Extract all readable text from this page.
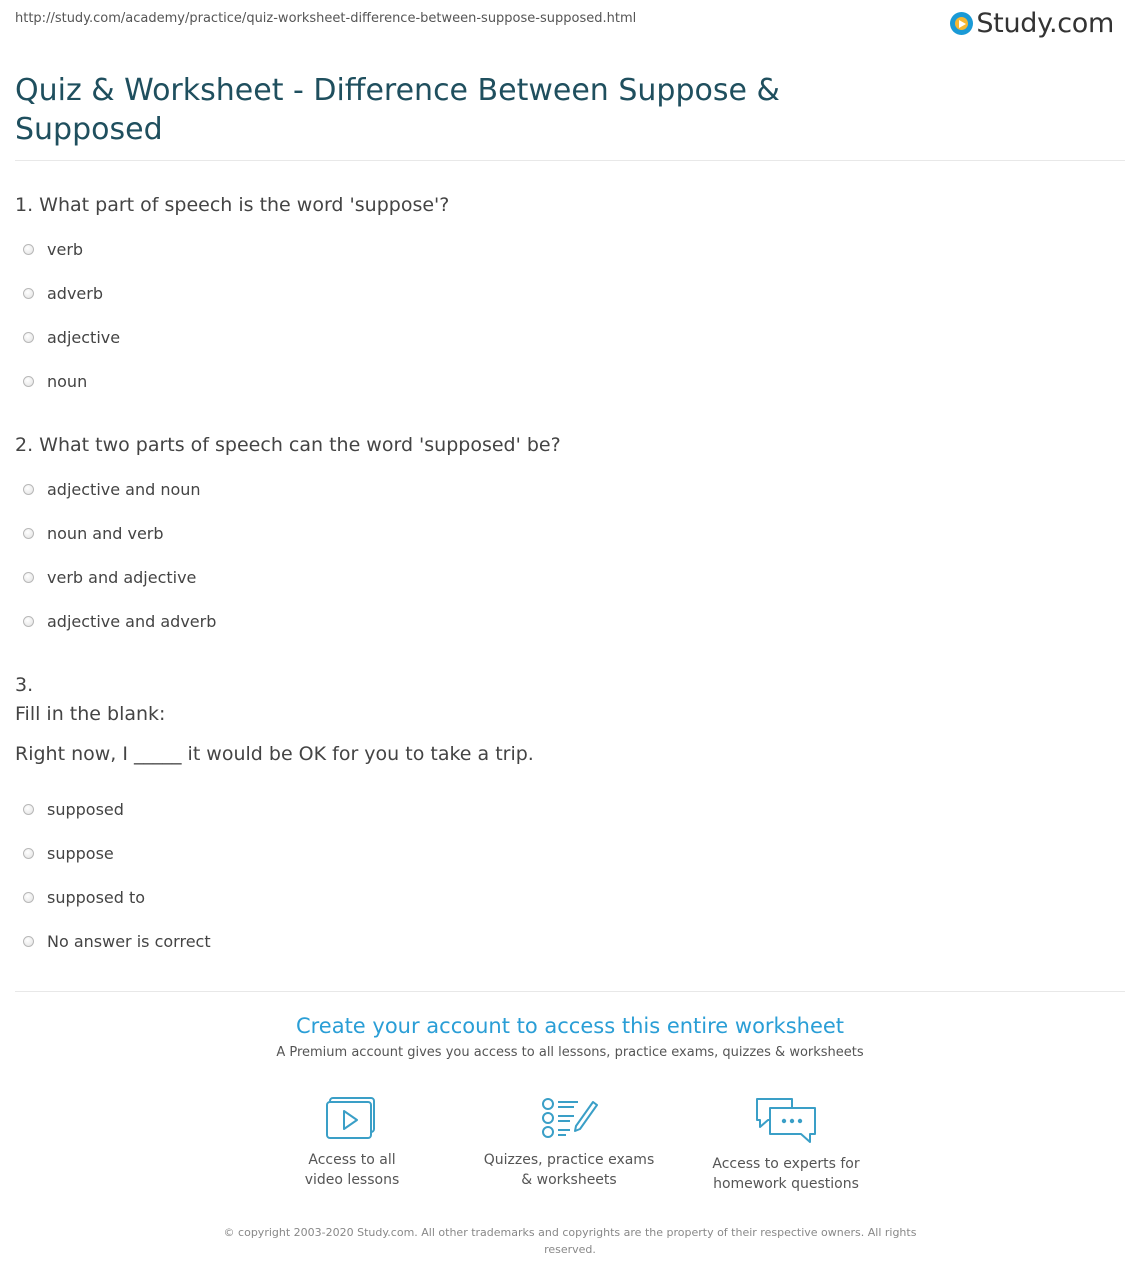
http://study.com/academy/practice/quiz-worksheet-difference-between-suppose-supposed.html	Study.com
Quiz & Worksheet - Difference Between Suppose & Supposed
1. What part of speech is the word 'suppose'?
verb
adverb
adjective
noun
2. What two parts of speech can the word 'supposed' be?
adjective and noun
noun and verb
verb and adjective
adjective and adverb
3.
Fill in the blank:
Right now, I _____ it would be OK for you to take a trip.
supposed
suppose
supposed to
No answer is correct
Create your account to access this entire worksheet
A Premium account gives you access to all lessons, practice exams, quizzes & worksheets
Access to all
video lessons
Quizzes, practice exams
& worksheets
Access to experts for
homework questions
© copyright 2003-2020 Study.com. All other trademarks and copyrights are the property of their respective owners. All rights reserved.
